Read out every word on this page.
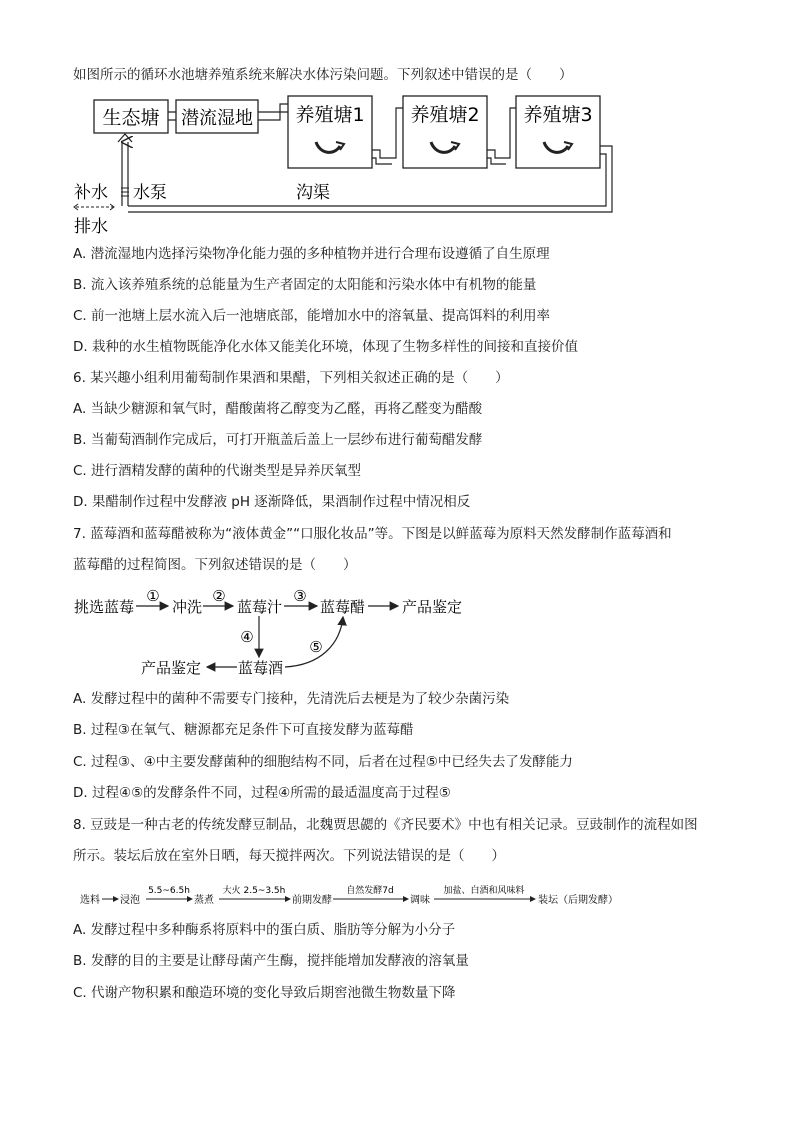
如图所示的循环水池塘养殖系统来解决水体污染问题。下列叙述中错误的是（　　）
生态塘 潜流湿地 养殖塘1 养殖塘2 养殖塘3
补水
排水
水泵	沟渠
A. 潜流湿地内选择污染物净化能力强的多种植物并进行合理布设遵循了自生原理
B. 流入该养殖系统的总能量为生产者固定的太阳能和污染水体中有机物的能量
C. 前一池塘上层水流入后一池塘底部，能增加水中的溶氧量、提高饵料的利用率
D. 栽种的水生植物既能净化水体又能美化环境，体现了生物多样性的间接和直接价值
6. 某兴趣小组利用葡萄制作果酒和果醋，下列相关叙述正确的是（　　）
A. 当缺少糖源和氧气时，醋酸菌将乙醇变为乙醛，再将乙醛变为醋酸
B. 当葡萄酒制作完成后，可打开瓶盖后盖上一层纱布进行葡萄醋发酵
C. 进行酒精发酵的菌种的代谢类型是异养厌氧型
D. 果醋制作过程中发酵液 pH 逐渐降低，果酒制作过程中情况相反
7. 蓝莓酒和蓝莓醋被称为“液体黄金”“口服化妆品”等。下图是以鲜蓝莓为原料天然发酵制作蓝莓酒和
蓝莓醋的过程简图。下列叙述错误的是（　　）
挑选蓝莓
①
冲洗
②
蓝莓汁
③
蓝莓醋 产品鉴定
④
⑤
产品鉴定 蓝莓酒
A. 发酵过程中的菌种不需要专门接种，先清洗后去梗是为了较少杂菌污染
B. 过程③在氧气、糖源都充足条件下可直接发酵为蓝莓醋
C. 过程③、④中主要发酵菌种的细胞结构不同，后者在过程⑤中已经失去了发酵能力
D. 过程④⑤的发酵条件不同，过程④所需的最适温度高于过程⑤
8. 豆豉是一种古老的传统发酵豆制品，北魏贾思勰的《齐民要术》中也有相关记录。豆豉制作的流程如图
所示。装坛后放在室外日晒，每天搅拌两次。下列说法错误的是（　　）
选料 浸泡
5.5~6.5h
蒸煮
大火 2.5~3.5h
前期发酵
自然发酵7d
调味
加盐、白酒和风味料
装坛（后期发酵）
A. 发酵过程中多种酶系将原料中的蛋白质、脂肪等分解为小分子
B. 发酵的目的主要是让酵母菌产生酶，搅拌能增加发酵液的溶氧量
C. 代谢产物积累和酿造环境的变化导致后期窖池微生物数量下降
